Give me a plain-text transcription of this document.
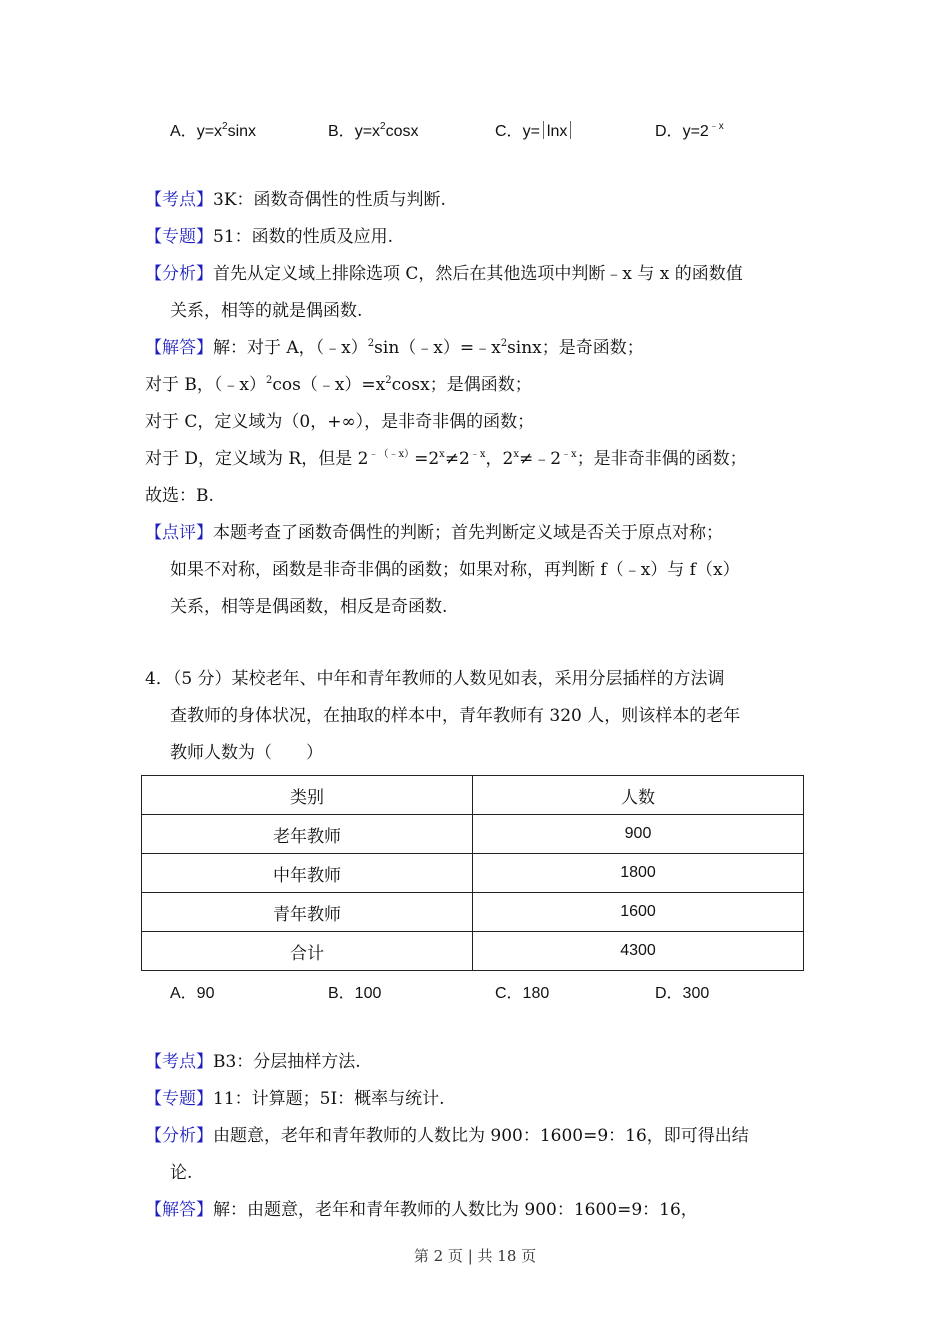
A．$y=x^2\sin x$	B．$y=x^2\cos x$	C．y= lnx	D．$y=2^{﹣x}$
【考点】3K：函数奇偶性的性质与判断.
【专题】51：函数的性质及应用.
【分析】首先从定义域上排除选项 C，然后在其他选项中判断﹣x 与 x 的函数值
关系，相等的就是偶函数.
【解答】解：对于 A，$(﹣x)^2\sin(﹣x)=﹣x^2\sin x$；是奇函数；
对于 B，$(﹣x)^2\cos(﹣x)=x^2\cos x$；是偶函数；
对于 C，定义域为（0，+∞），是非奇非偶的函数；
对于 D，定义域为 R，但是 $2^{﹣(﹣x)}=2^x\ne 2^{﹣x}$，$2^x\ne﹣2^{﹣x}$；是非奇非偶的函数；
故选：B.
【点评】本题考查了函数奇偶性的判断；首先判断定义域是否关于原点对称；
如果不对称，函数是非奇非偶的函数；如果对称，再判断 f（﹣x）与 f（x）
关系，相等是偶函数，相反是奇函数.
4．（5 分）某校老年、中年和青年教师的人数见如表，采用分层插样的方法调
查教师的身体状况，在抽取的样本中，青年教师有 320 人，则该样本的老年
教师人数为（　　）
类别	人数
老年教师	900
中年教师	1800
青年教师	1600
合计	4300
A．90	B．100	C．180	D．300
【考点】B3：分层抽样方法.
【专题】11：计算题；5I：概率与统计.
【分析】由题意，老年和青年教师的人数比为 900：1600=9：16，即可得出结
论.
【解答】解：由题意，老年和青年教师的人数比为 900：1600=9：16，
第 2 页 | 共 18 页
